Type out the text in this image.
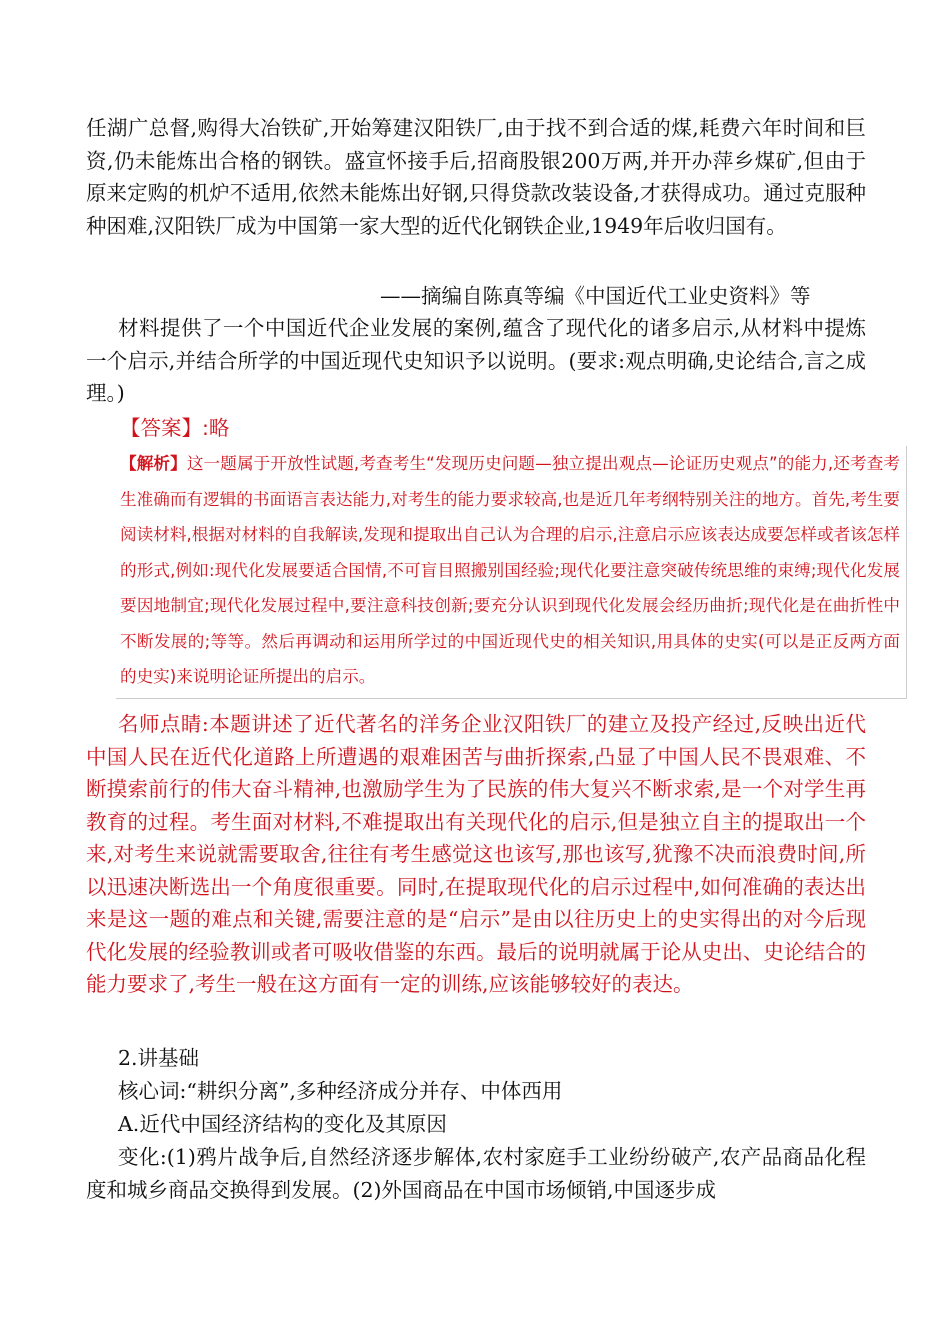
任湖广总督,购得大冶铁矿,开始筹建汉阳铁厂,由于找不到合适的煤,耗费六年时间和巨资,仍未能炼出合格的钢铁。盛宣怀接手后,招商股银200万两,并开办萍乡煤矿,但由于原来定购的机炉不适用,依然未能炼出好钢,只得贷款改装设备,才获得成功。通过克服种种困难,汉阳铁厂成为中国第一家大型的近代化钢铁企业,1949年后收归国有。

——摘编自陈真等编《中国近代工业史资料》等

材料提供了一个中国近代企业发展的案例,蕴含了现代化的诸多启示,从材料中提炼一个启示,并结合所学的中国近现代史知识予以说明。(要求:观点明确,史论结合,言之成理。)

【答案】:略

【解析】这一题属于开放性试题,考查考生“发现历史问题—独立提出观点—论证历史观点”的能力,还考查考生准确而有逻辑的书面语言表达能力,对考生的能力要求较高,也是近几年考纲特别关注的地方。首先,考生要阅读材料,根据对材料的自我解读,发现和提取出自己认为合理的启示,注意启示应该表达成要怎样或者该怎样的形式,例如:现代化发展要适合国情,不可盲目照搬别国经验;现代化要注意突破传统思维的束缚;现代化发展要因地制宜;现代化发展过程中,要注意科技创新;要充分认识到现代化发展会经历曲折;现代化是在曲折性中不断发展的;等等。然后再调动和运用所学过的中国近现代史的相关知识,用具体的史实(可以是正反两方面的史实)来说明论证所提出的启示。

名师点睛:本题讲述了近代著名的洋务企业汉阳铁厂的建立及投产经过,反映出近代中国人民在近代化道路上所遭遇的艰难困苦与曲折探索,凸显了中国人民不畏艰难、不断摸索前行的伟大奋斗精神,也激励学生为了民族的伟大复兴不断求索,是一个对学生再教育的过程。考生面对材料,不难提取出有关现代化的启示,但是独立自主的提取出一个来,对考生来说就需要取舍,往往有考生感觉这也该写,那也该写,犹豫不决而浪费时间,所以迅速决断选出一个角度很重要。同时,在提取现代化的启示过程中,如何准确的表达出来是这一题的难点和关键,需要注意的是“启示”是由以往历史上的史实得出的对今后现代化发展的经验教训或者可吸收借鉴的东西。最后的说明就属于论从史出、史论结合的能力要求了,考生一般在这方面有一定的训练,应该能够较好的表达。

2.讲基础
核心词:“耕织分离”,多种经济成分并存、中体西用
A.近代中国经济结构的变化及其原因

变化:(1)鸦片战争后,自然经济逐步解体,农村家庭手工业纷纷破产,农产品商品化程度和城乡商品交换得到发展。(2)外国商品在中国市场倾销,中国逐步成
